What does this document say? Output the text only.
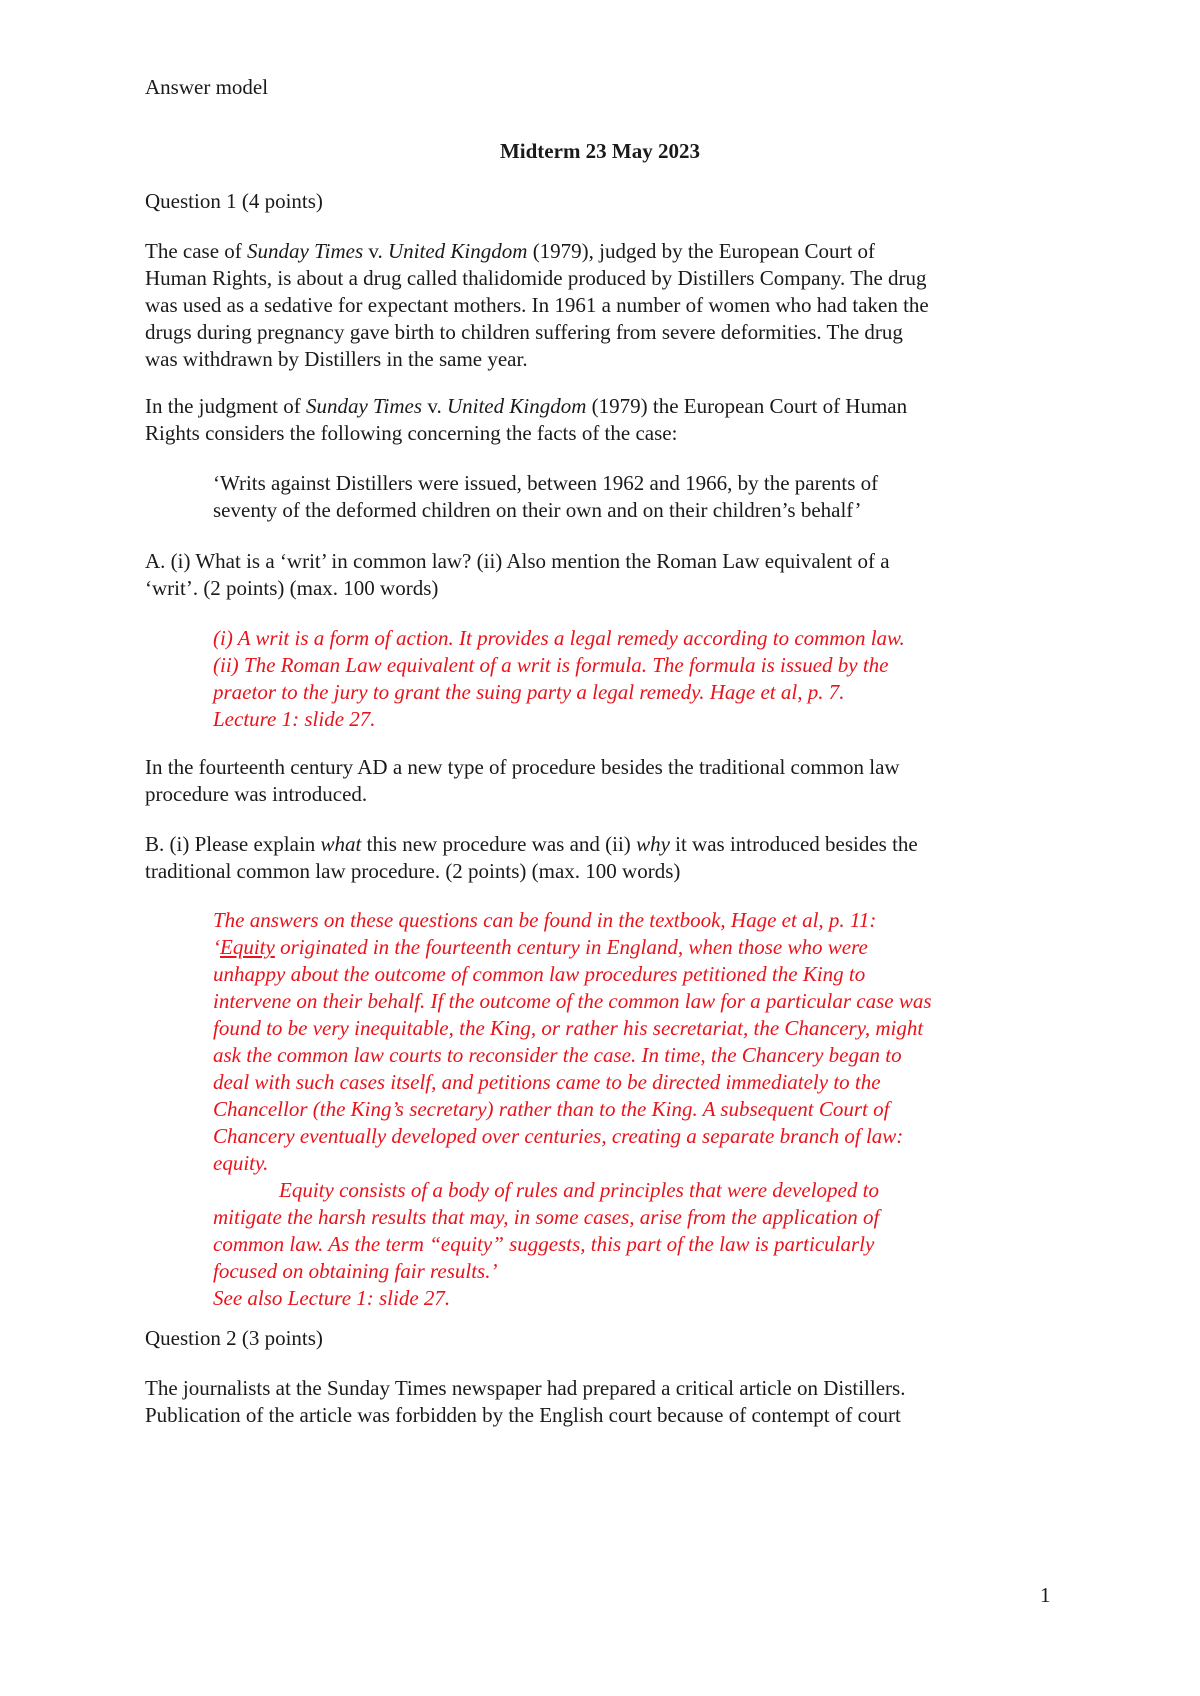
Answer model

Midterm 23 May 2023

Question 1 (4 points)

The case of Sunday Times v. United Kingdom (1979), judged by the European Court of
Human Rights, is about a drug called thalidomide produced by Distillers Company. The drug
was used as a sedative for expectant mothers. In 1961 a number of women who had taken the
drugs during pregnancy gave birth to children suffering from severe deformities. The drug
was withdrawn by Distillers in the same year.

In the judgment of Sunday Times v. United Kingdom (1979) the European Court of Human
Rights considers the following concerning the facts of the case:

‘Writs against Distillers were issued, between 1962 and 1966, by the parents of
seventy of the deformed children on their own and on their children’s behalf’

A. (i) What is a ‘writ’ in common law? (ii) Also mention the Roman Law equivalent of a
‘writ’. (2 points) (max. 100 words)

(i) A writ is a form of action. It provides a legal remedy according to common law.
(ii) The Roman Law equivalent of a writ is formula. The formula is issued by the
praetor to the jury to grant the suing party a legal remedy. Hage et al, p. 7.
Lecture 1: slide 27.

In the fourteenth century AD a new type of procedure besides the traditional common law
procedure was introduced.

B. (i) Please explain what this new procedure was and (ii) why it was introduced besides the
traditional common law procedure. (2 points) (max. 100 words)

The answers on these questions can be found in the textbook, Hage et al, p. 11:
‘Equity originated in the fourteenth century in England, when those who were
unhappy about the outcome of common law procedures petitioned the King to
intervene on their behalf. If the outcome of the common law for a particular case was
found to be very inequitable, the King, or rather his secretariat, the Chancery, might
ask the common law courts to reconsider the case. In time, the Chancery began to
deal with such cases itself, and petitions came to be directed immediately to the
Chancellor (the King’s secretary) rather than to the King. A subsequent Court of
Chancery eventually developed over centuries, creating a separate branch of law:
equity.
Equity consists of a body of rules and principles that were developed to
mitigate the harsh results that may, in some cases, arise from the application of
common law. As the term “equity” suggests, this part of the law is particularly
focused on obtaining fair results.’
See also Lecture 1: slide 27.

Question 2 (3 points)

The journalists at the Sunday Times newspaper had prepared a critical article on Distillers.
Publication of the article was forbidden by the English court because of contempt of court

1
